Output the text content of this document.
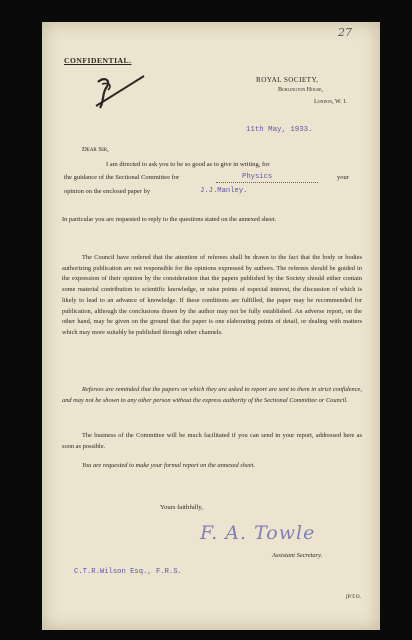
27
CONFIDENTIAL.
ROYAL SOCIETY,
Burlington House,
London, W. 1.
11th May, 1933.
Dear Sir,
I am directed to ask you to be so good as to give in writing, for
the guidance of the Sectional Committee for	Physics	your
opinion on the enclosed paper by	J.J.Manley.
In particular you are requested to reply to the questions stated on the annexed sheet.
The Council have ordered that the attention of referees shall be drawn to the fact that the body or bodies authorizing publication are not responsible for the opinions expressed by authors. The referees should be guided in the expression of their opinion by the consideration that the papers published by the Society should either contain some material contribution to scientific knowledge, or raise points of especial interest, the discussion of which is likely to lead to an advance of knowledge. If these conditions are fulfilled, the paper may be recommended for publication, although the conclusions drawn by the author may not be fully established. An adverse report, on the other hand, may be given on the ground that the paper is one elaborating points of detail, or dealing with matters which may more suitably be published through other channels.
Referees are reminded that the papers on which they are asked to report are sent to them in strict confidence, and may not be shown to any other person without the express authority of the Sectional Committee or Council.
The business of the Committee will be much facilitated if you can send in your report, addressed here as soon as possible.
You are requested to make your formal report on the annexed sheet.
Yours faithfully,
F. A. Towle
Assistant Secretary.
C.T.R.Wilson Esq., F.R.S.
[P.T.O.
